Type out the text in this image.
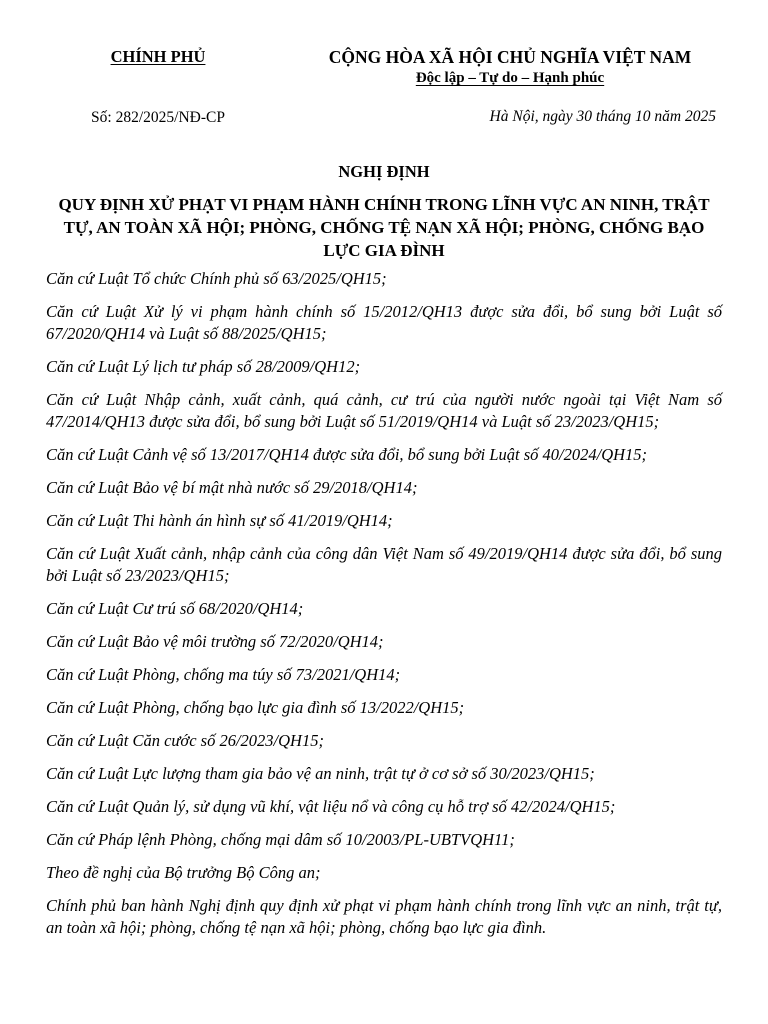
CHÍNH PHỦ	CỘNG HÒA XÃ HỘI CHỦ NGHĨA VIỆT NAM
Độc lập – Tự do – Hạnh phúc
Số: 282/2025/NĐ-CP	Hà Nội, ngày 30 tháng 10 năm 2025
NGHỊ ĐỊNH
QUY ĐỊNH XỬ PHẠT VI PHẠM HÀNH CHÍNH TRONG LĨNH VỰC AN NINH, TRẬT TỰ, AN TOÀN XÃ HỘI; PHÒNG, CHỐNG TỆ NẠN XÃ HỘI; PHÒNG, CHỐNG BẠO LỰC GIA ĐÌNH

Căn cứ Luật Tổ chức Chính phủ số 63/2025/QH15;

Căn cứ Luật Xử lý vi phạm hành chính số 15/2012/QH13 được sửa đổi, bổ sung bởi Luật số 67/2020/QH14 và Luật số 88/2025/QH15;

Căn cứ Luật Lý lịch tư pháp số 28/2009/QH12;

Căn cứ Luật Nhập cảnh, xuất cảnh, quá cảnh, cư trú của người nước ngoài tại Việt Nam số 47/2014/QH13 được sửa đổi, bổ sung bởi Luật số 51/2019/QH14 và Luật số 23/2023/QH15;

Căn cứ Luật Cảnh vệ số 13/2017/QH14 được sửa đổi, bổ sung bởi Luật số 40/2024/QH15;

Căn cứ Luật Bảo vệ bí mật nhà nước số 29/2018/QH14;

Căn cứ Luật Thi hành án hình sự số 41/2019/QH14;

Căn cứ Luật Xuất cảnh, nhập cảnh của công dân Việt Nam số 49/2019/QH14 được sửa đổi, bổ sung bởi Luật số 23/2023/QH15;

Căn cứ Luật Cư trú số 68/2020/QH14;

Căn cứ Luật Bảo vệ môi trường số 72/2020/QH14;

Căn cứ Luật Phòng, chống ma túy số 73/2021/QH14;

Căn cứ Luật Phòng, chống bạo lực gia đình số 13/2022/QH15;

Căn cứ Luật Căn cước số 26/2023/QH15;

Căn cứ Luật Lực lượng tham gia bảo vệ an ninh, trật tự ở cơ sở số 30/2023/QH15;

Căn cứ Luật Quản lý, sử dụng vũ khí, vật liệu nổ và công cụ hỗ trợ số 42/2024/QH15;

Căn cứ Pháp lệnh Phòng, chống mại dâm số 10/2003/PL-UBTVQH11;

Theo đề nghị của Bộ trưởng Bộ Công an;

Chính phủ ban hành Nghị định quy định xử phạt vi phạm hành chính trong lĩnh vực an ninh, trật tự, an toàn xã hội; phòng, chống tệ nạn xã hội; phòng, chống bạo lực gia đình.
